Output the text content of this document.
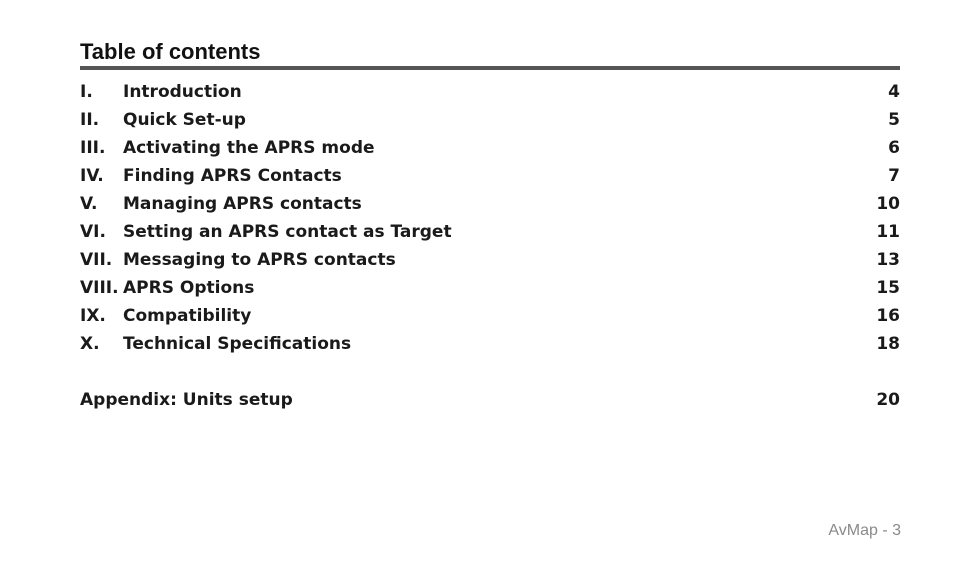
Table of contents
I.	Introduction	4
II.	Quick Set-up	5
III.	Activating the APRS mode	6
IV.	Finding APRS Contacts	7
V.	Managing APRS contacts	10
VI.	Setting an APRS contact as Target	11
VII. Messaging to APRS contacts	13
VIII. APRS Options	15
IX.	Compatibility	16
X.	Technical Specifications	18
Appendix: Units setup	20
AvMap - 3
